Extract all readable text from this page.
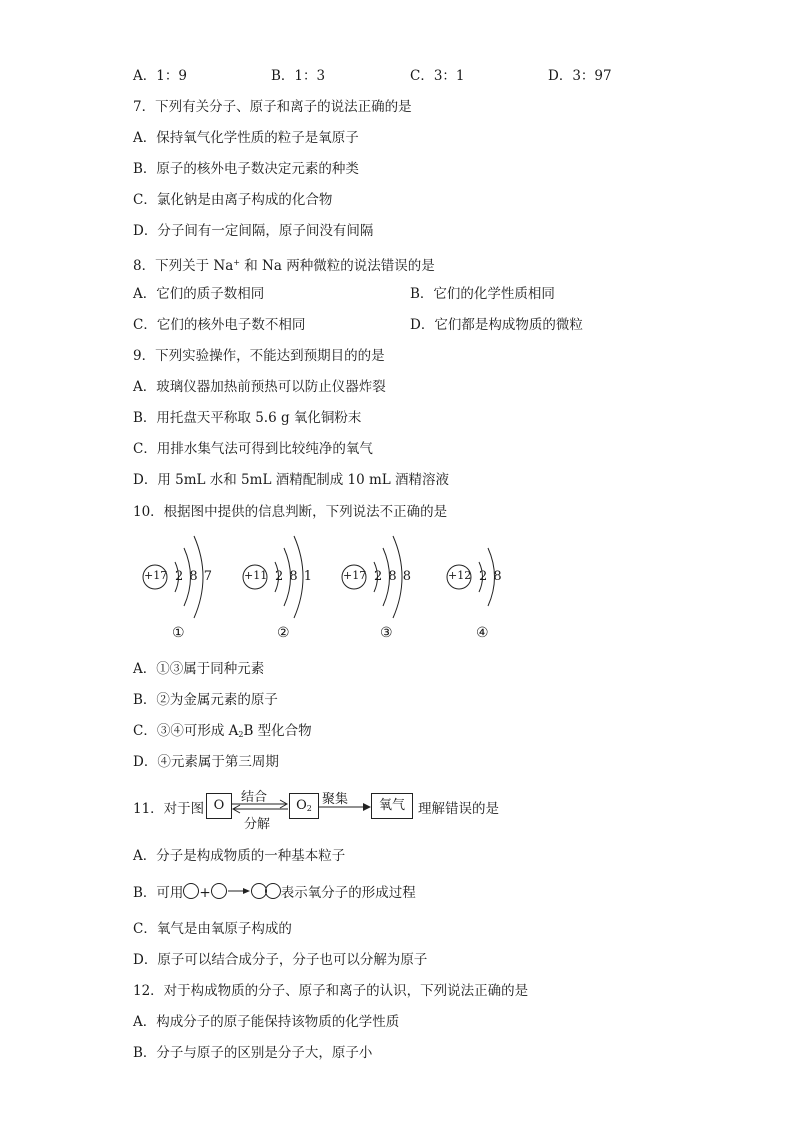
A．1：9	B．1：3	C．3：1	D．3：97
7．下列有关分子、原子和离子的说法正确的是
A．保持氧气化学性质的粒子是氧原子
B．原子的核外电子数决定元素的种类
C．氯化钠是由离子构成的化合物
D．分子间有一定间隔，原子间没有间隔
8．下列关于 Na+ 和 Na 两种微粒的说法错误的是
A．它们的质子数相同	B．它们的化学性质相同
C．它们的核外电子数不相同	D．它们都是构成物质的微粒
9．下列实验操作，不能达到预期目的的是
A．玻璃仪器加热前预热可以防止仪器炸裂
B．用托盘天平称取 5.6 g 氧化铜粉末
C．用排水集气法可得到比较纯净的氧气
D．用 5mL 水和 5mL 酒精配制成 10 mL 酒精溶液
10．根据图中提供的信息判断，下列说法不正确的是
+17 2 8 7	+11 2 8 1	+17 2 8 8	+12 2 8
①	②	③	④
A．①③属于同种元素
B．②为金属元素的原子
C．③④可形成 $A_2B$ 型化合物
D．④元素属于第三周期
11．对于图 O
结合
分解
$O_2$
聚集	氧气 理解错误的是
A．分子是构成物质的一种基本粒子
B．可用 +	表示氧分子的形成过程
C．氧气是由氧原子构成的
D．原子可以结合成分子，分子也可以分解为原子
12．对于构成物质的分子、原子和离子的认识，下列说法正确的是
A．构成分子的原子能保持该物质的化学性质
B．分子与原子的区别是分子大，原子小
